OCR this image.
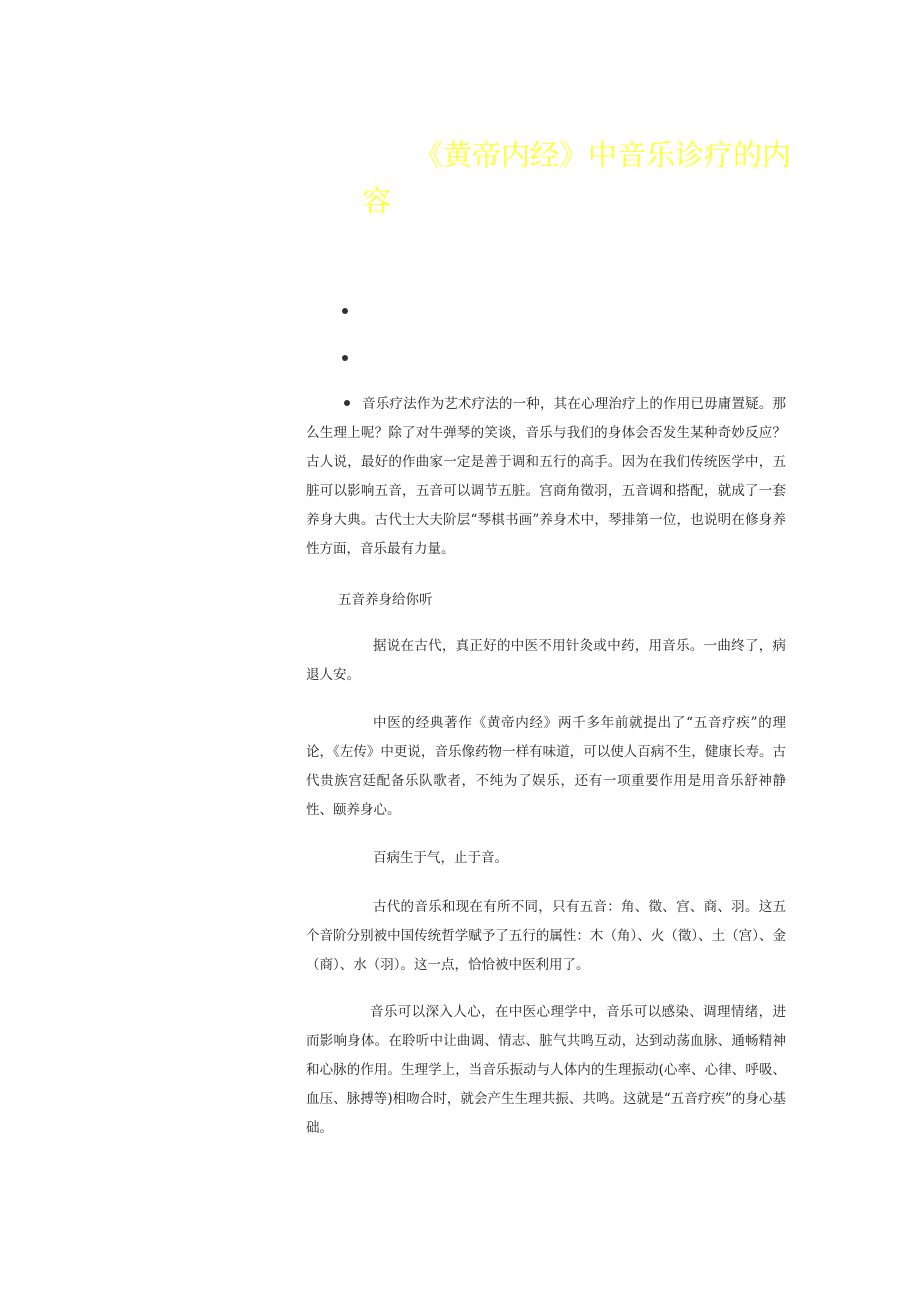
《黄帝内经》中音乐诊疗的内
容

音乐疗法作为艺术疗法的一种，其在心理治疗上的作用已毋庸置疑。那么生理上呢？除了对牛弹琴的笑谈，音乐与我们的身体会否发生某种奇妙反应？古人说，最好的作曲家一定是善于调和五行的高手。因为在我们传统医学中，五脏可以影响五音，五音可以调节五脏。宫商角徵羽，五音调和搭配，就成了一套养身大典。古代士大夫阶层“琴棋书画”养身术中，琴排第一位，也说明在修身养性方面，音乐最有力量。

五音养身给你听

据说在古代，真正好的中医不用针灸或中药，用音乐。一曲终了，病退人安。

中医的经典著作《黄帝内经》两千多年前就提出了“五音疗疾”的理论，《左传》中更说，音乐像药物一样有味道，可以使人百病不生，健康长寿。古代贵族宫廷配备乐队歌者，不纯为了娱乐，还有一项重要作用是用音乐舒神静性、颐养身心。

百病生于气，止于音。

古代的音乐和现在有所不同，只有五音：角、徵、宫、商、羽。这五个音阶分别被中国传统哲学赋予了五行的属性：木（角）、火（徵）、土（宫）、金（商）、水（羽）。这一点，恰恰被中医利用了。

音乐可以深入人心，在中医心理学中，音乐可以感染、调理情绪，进而影响身体。在聆听中让曲调、情志、脏气共鸣互动，达到动荡血脉、通畅精神和心脉的作用。生理学上，当音乐振动与人体内的生理振动(心率、心律、呼吸、血压、脉搏等)相吻合时，就会产生生理共振、共鸣。这就是“五音疗疾”的身心基础。
